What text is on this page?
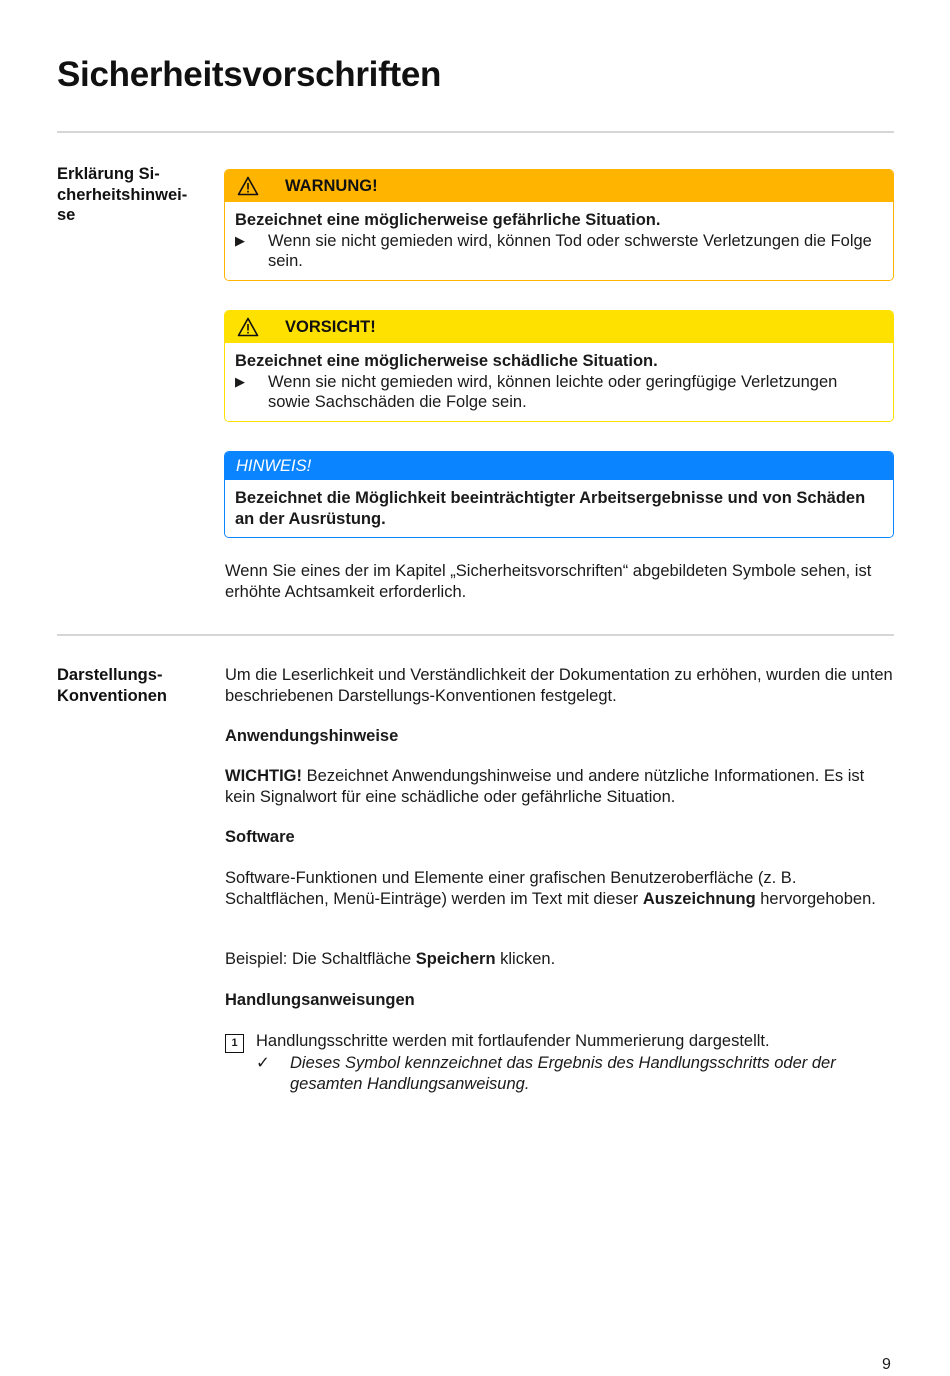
Sicherheitsvorschriften
Erklärung Si-
cherheitshinwei-
se
WARNUNG!
Bezeichnet eine möglicherweise gefährliche Situation.
▶	Wenn sie nicht gemieden wird, können Tod oder schwerste Verletzungen die Folge sein.
VORSICHT!
Bezeichnet eine möglicherweise schädliche Situation.
▶	Wenn sie nicht gemieden wird, können leichte oder geringfügige Verletzungen sowie Sachschäden die Folge sein.
HINWEIS!
Bezeichnet die Möglichkeit beeinträchtigter Arbeitsergebnisse und von Schäden an der Ausrüstung.

Wenn Sie eines der im Kapitel „Sicherheitsvorschriften“ abgebildeten Symbole sehen, ist erhöhte Achtsamkeit erforderlich.

Darstellungs-
Konventionen

Um die Leserlichkeit und Verständlichkeit der Dokumentation zu erhöhen, wurden die unten beschriebenen Darstellungs-Konventionen festgelegt.

Anwendungshinweise

WICHTIG! Bezeichnet Anwendungshinweise und andere nützliche Informationen. Es ist kein Signalwort für eine schädliche oder gefährliche Situation.

Software

Software-Funktionen und Elemente einer grafischen Benutzeroberfläche (z. B. Schaltflächen, Menü-Einträge) werden im Text mit dieser Auszeichnung hervorgehoben.

Beispiel: Die Schaltfläche Speichern klicken.

Handlungsanweisungen
1	Handlungsschritte werden mit fortlaufender Nummerierung dargestellt.
✓	Dieses Symbol kennzeichnet das Ergebnis des Handlungsschritts oder der gesamten Handlungsanweisung.
9
